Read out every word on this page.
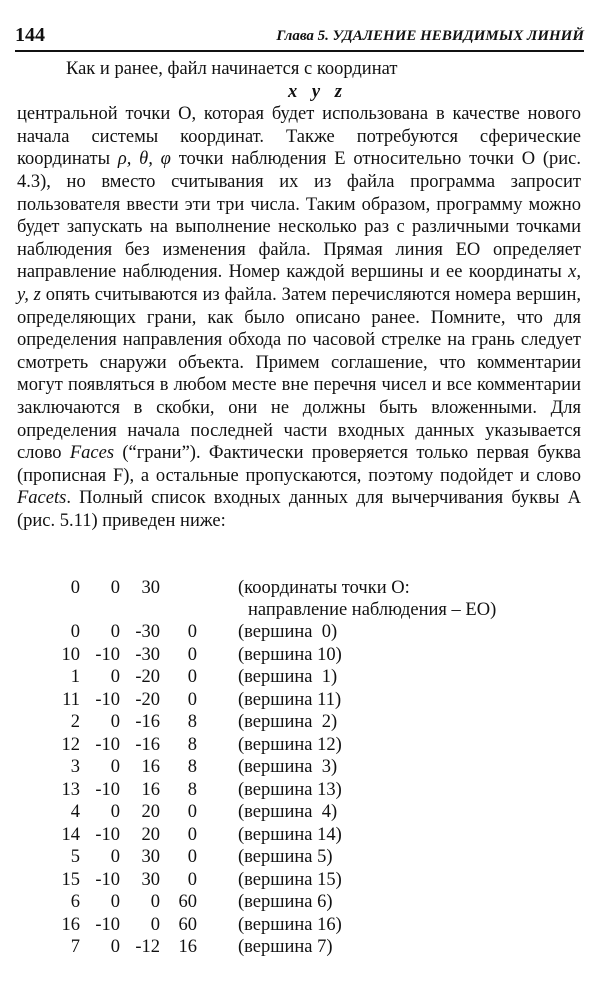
144	Глава 5. УДАЛЕНИЕ НЕВИДИМЫХ ЛИНИЙ

Как и ранее, файл начинается с координат

x y z

центральной точки O, которая будет использована в качестве нового начала системы координат. Также потребуются сферические координаты ρ, θ, φ точки наблюдения E относительно точки O (рис. 4.3), но вместо считывания их из файла программа запросит пользователя ввести эти три числа. Таким образом, программу можно будет запускать на выполнение несколько раз с различными точками наблюдения без изменения файла. Прямая линия EO определяет направление наблюдения. Номер каждой вершины и ее координаты x, y, z опять считываются из файла. Затем перечисляются номера вершин, определяющих грани, как было описано ранее. Помните, что для определения направления обхода по часовой стрелке на грань следует смотреть снаружи объекта. Примем соглашение, что комментарии могут появляться в любом месте вне перечня чисел и все комментарии заключаются в скобки, они не должны быть вложенными. Для определения начала последней части входных данных указывается слово Faces (“грани”). Фактически проверяется только первая буква (прописная F), а остальные пропускаются, поэтому подойдет и слово Facets. Полный список входных данных для вычерчивания буквы A (рис. 5.11) приведен ниже:

0	0	30	(координаты точки O:
направление наблюдения – EO)
0	0 -30	0 (вершина  0)
10 -10 -30	0 (вершина 10)
1	0 -20	0 (вершина  1)
11 -10 -20	0 (вершина 11)
2	0 -16	8 (вершина  2)
12 -10 -16	8 (вершина 12)
3	0	16	8 (вершина  3)
13 -10	16	8 (вершина 13)
4	0	20	0 (вершина  4)
14 -10	20	0 (вершина 14)
5	0	30	0 (вершина 5)
15 -10	30	0 (вершина 15)
6	0	0	60 (вершина 6)
16 -10	0	60 (вершина 16)
7	0 -12	16 (вершина 7)
